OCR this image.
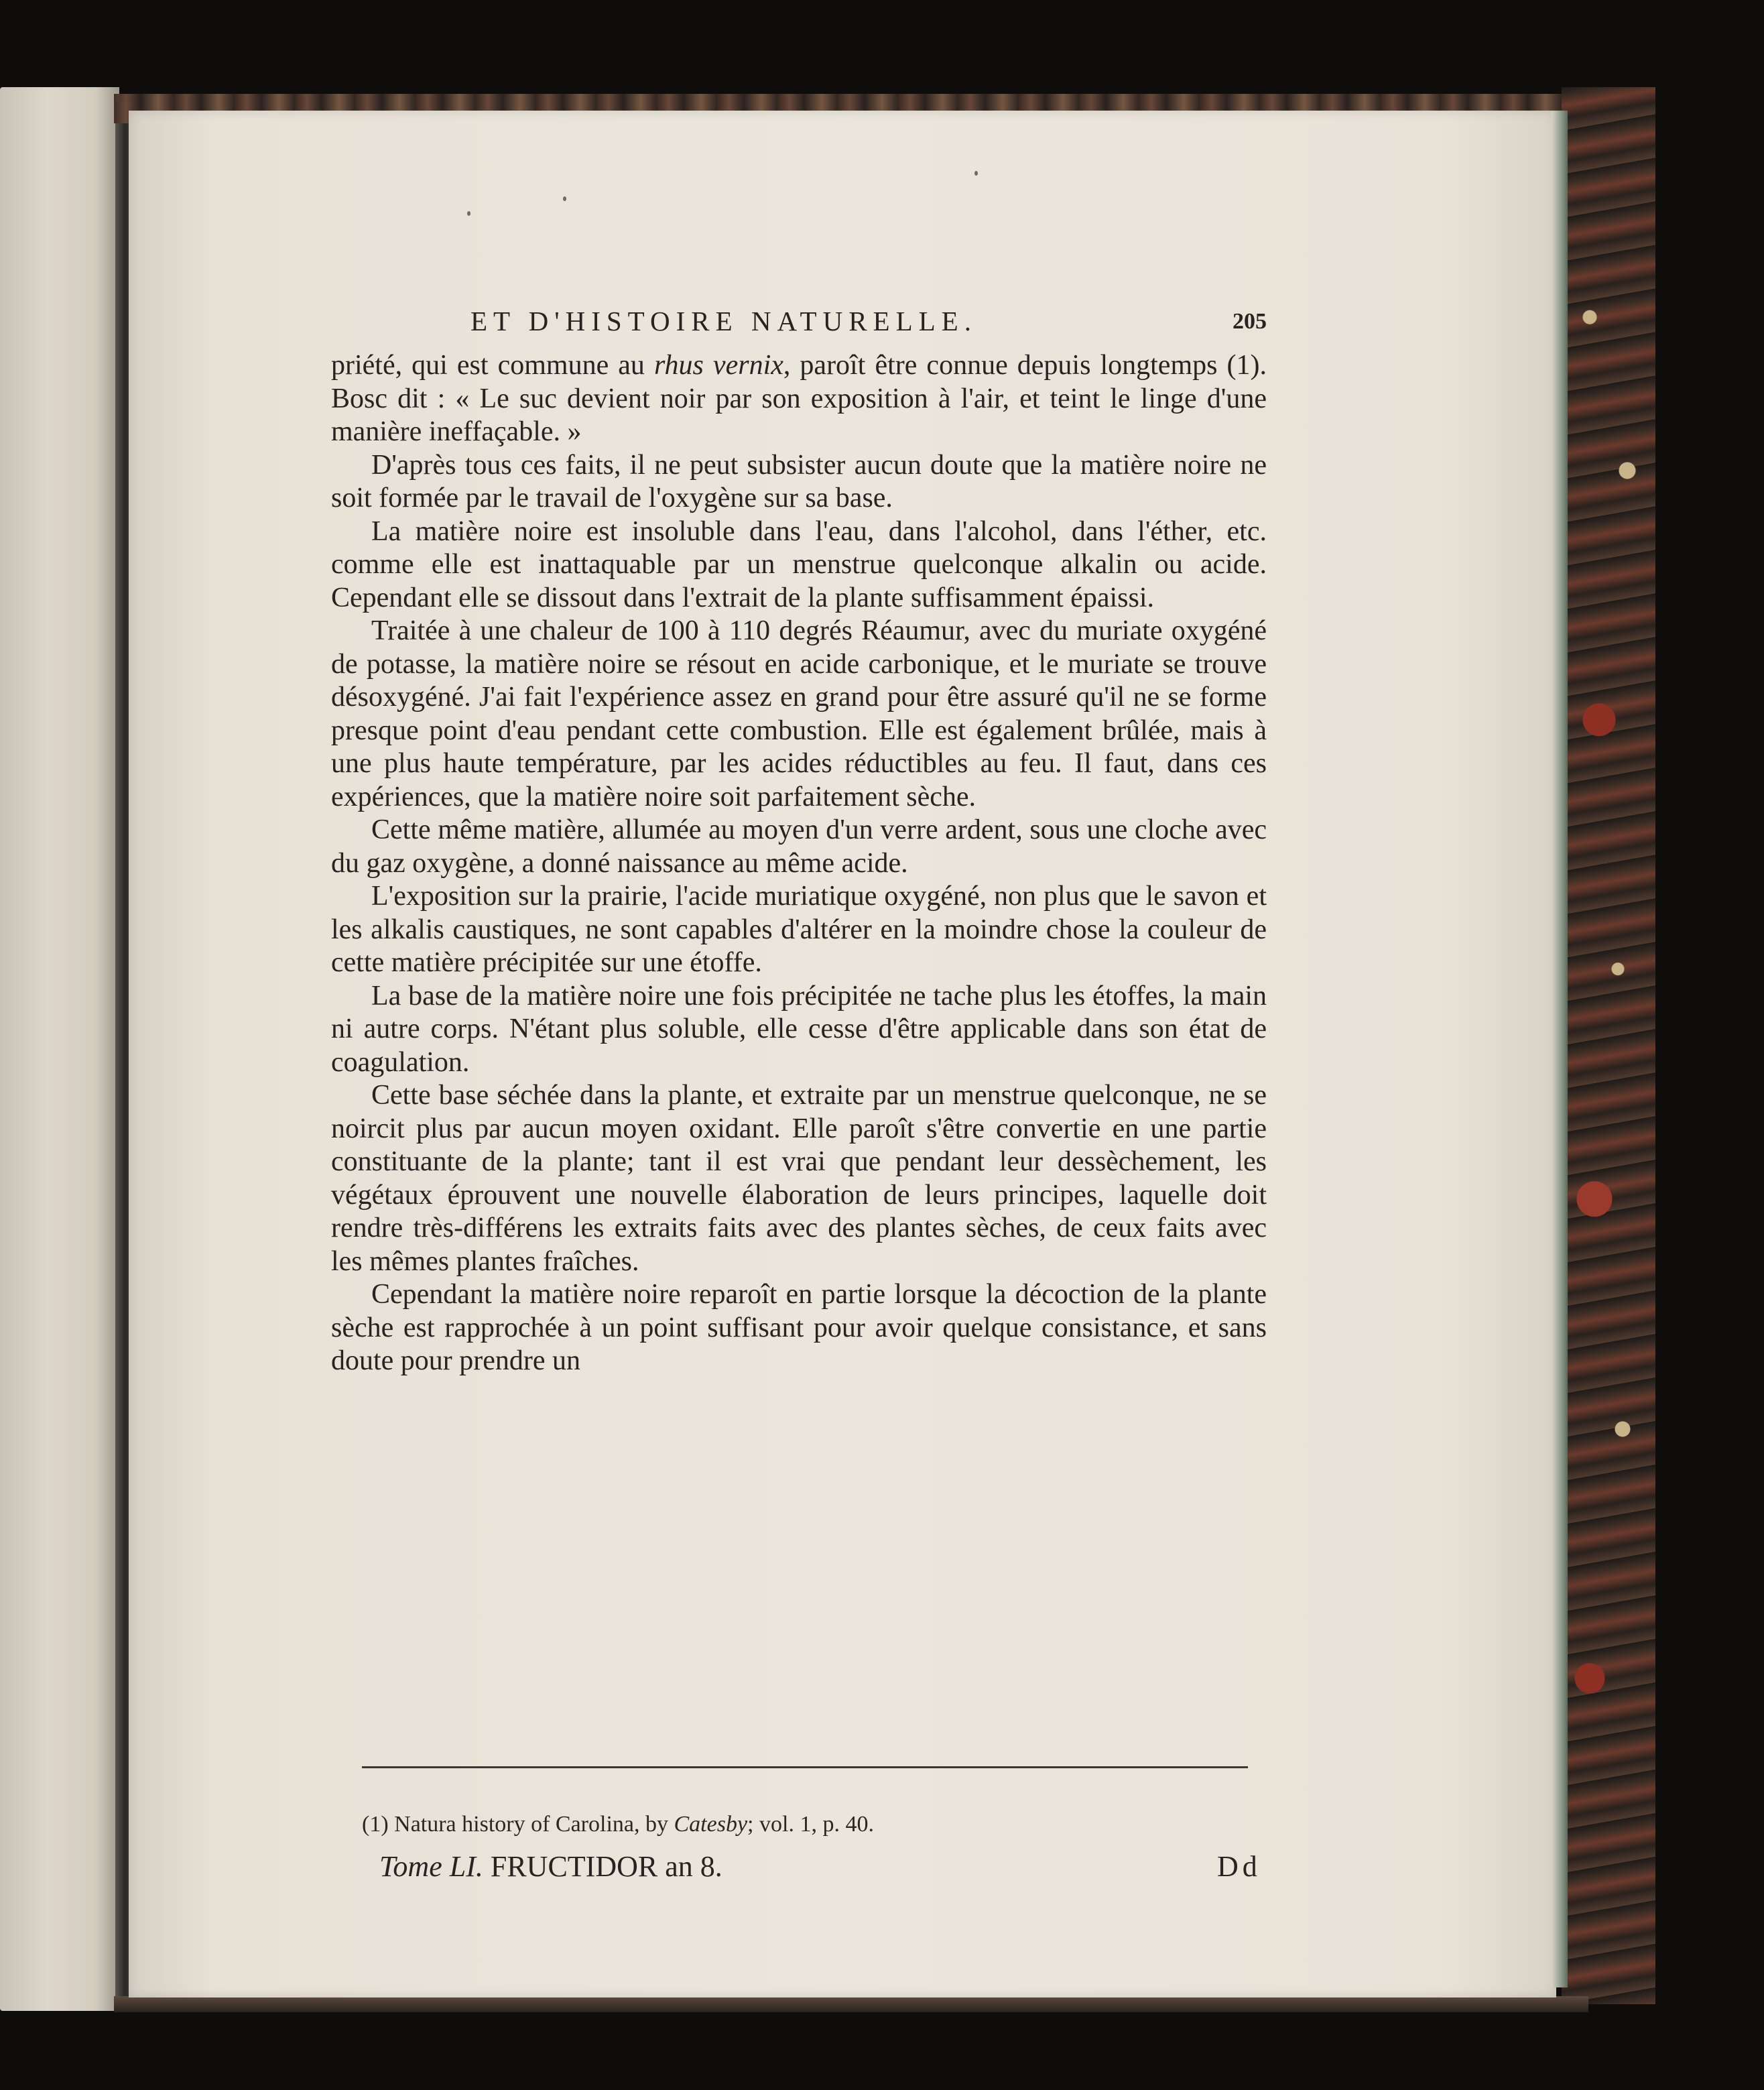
ET D'HISTOIRE NATURELLE.	205

priété, qui est commune au rhus vernix, paroît être connue depuis longtemps (1). Bosc dit : « Le suc devient noir par son exposition à l'air, et teint le linge d'une manière ineffaçable. »

D'après tous ces faits, il ne peut subsister aucun doute que la matière noire ne soit formée par le travail de l'oxygène sur sa base.

La matière noire est insoluble dans l'eau, dans l'alcohol, dans l'éther, etc. comme elle est inattaquable par un menstrue quelconque alkalin ou acide. Cependant elle se dissout dans l'extrait de la plante suffisamment épaissi.

Traitée à une chaleur de 100 à 110 degrés Réaumur, avec du muriate oxygéné de potasse, la matière noire se résout en acide carbonique, et le muriate se trouve désoxygéné. J'ai fait l'expérience assez en grand pour être assuré qu'il ne se forme presque point d'eau pendant cette combustion. Elle est également brûlée, mais à une plus haute température, par les acides réductibles au feu. Il faut, dans ces expériences, que la matière noire soit parfaitement sèche.

Cette même matière, allumée au moyen d'un verre ardent, sous une cloche avec du gaz oxygène, a donné naissance au même acide.

L'exposition sur la prairie, l'acide muriatique oxygéné, non plus que le savon et les alkalis caustiques, ne sont capables d'altérer en la moindre chose la couleur de cette matière précipitée sur une étoffe.

La base de la matière noire une fois précipitée ne tache plus les étoffes, la main ni autre corps. N'étant plus soluble, elle cesse d'être applicable dans son état de coagulation.

Cette base séchée dans la plante, et extraite par un menstrue quelconque, ne se noircit plus par aucun moyen oxidant. Elle paroît s'être convertie en une partie constituante de la plante; tant il est vrai que pendant leur dessèchement, les végétaux éprouvent une nouvelle élaboration de leurs principes, laquelle doit rendre très-différens les extraits faits avec des plantes sèches, de ceux faits avec les mêmes plantes fraîches.

Cependant la matière noire reparoît en partie lorsque la décoction de la plante sèche est rapprochée à un point suffisant pour avoir quelque consistance, et sans doute pour prendre un

(1) Natura history of Carolina, by Catesby; vol. 1, p. 40.
Tome LI. FRUCTIDOR an 8.	Dd
